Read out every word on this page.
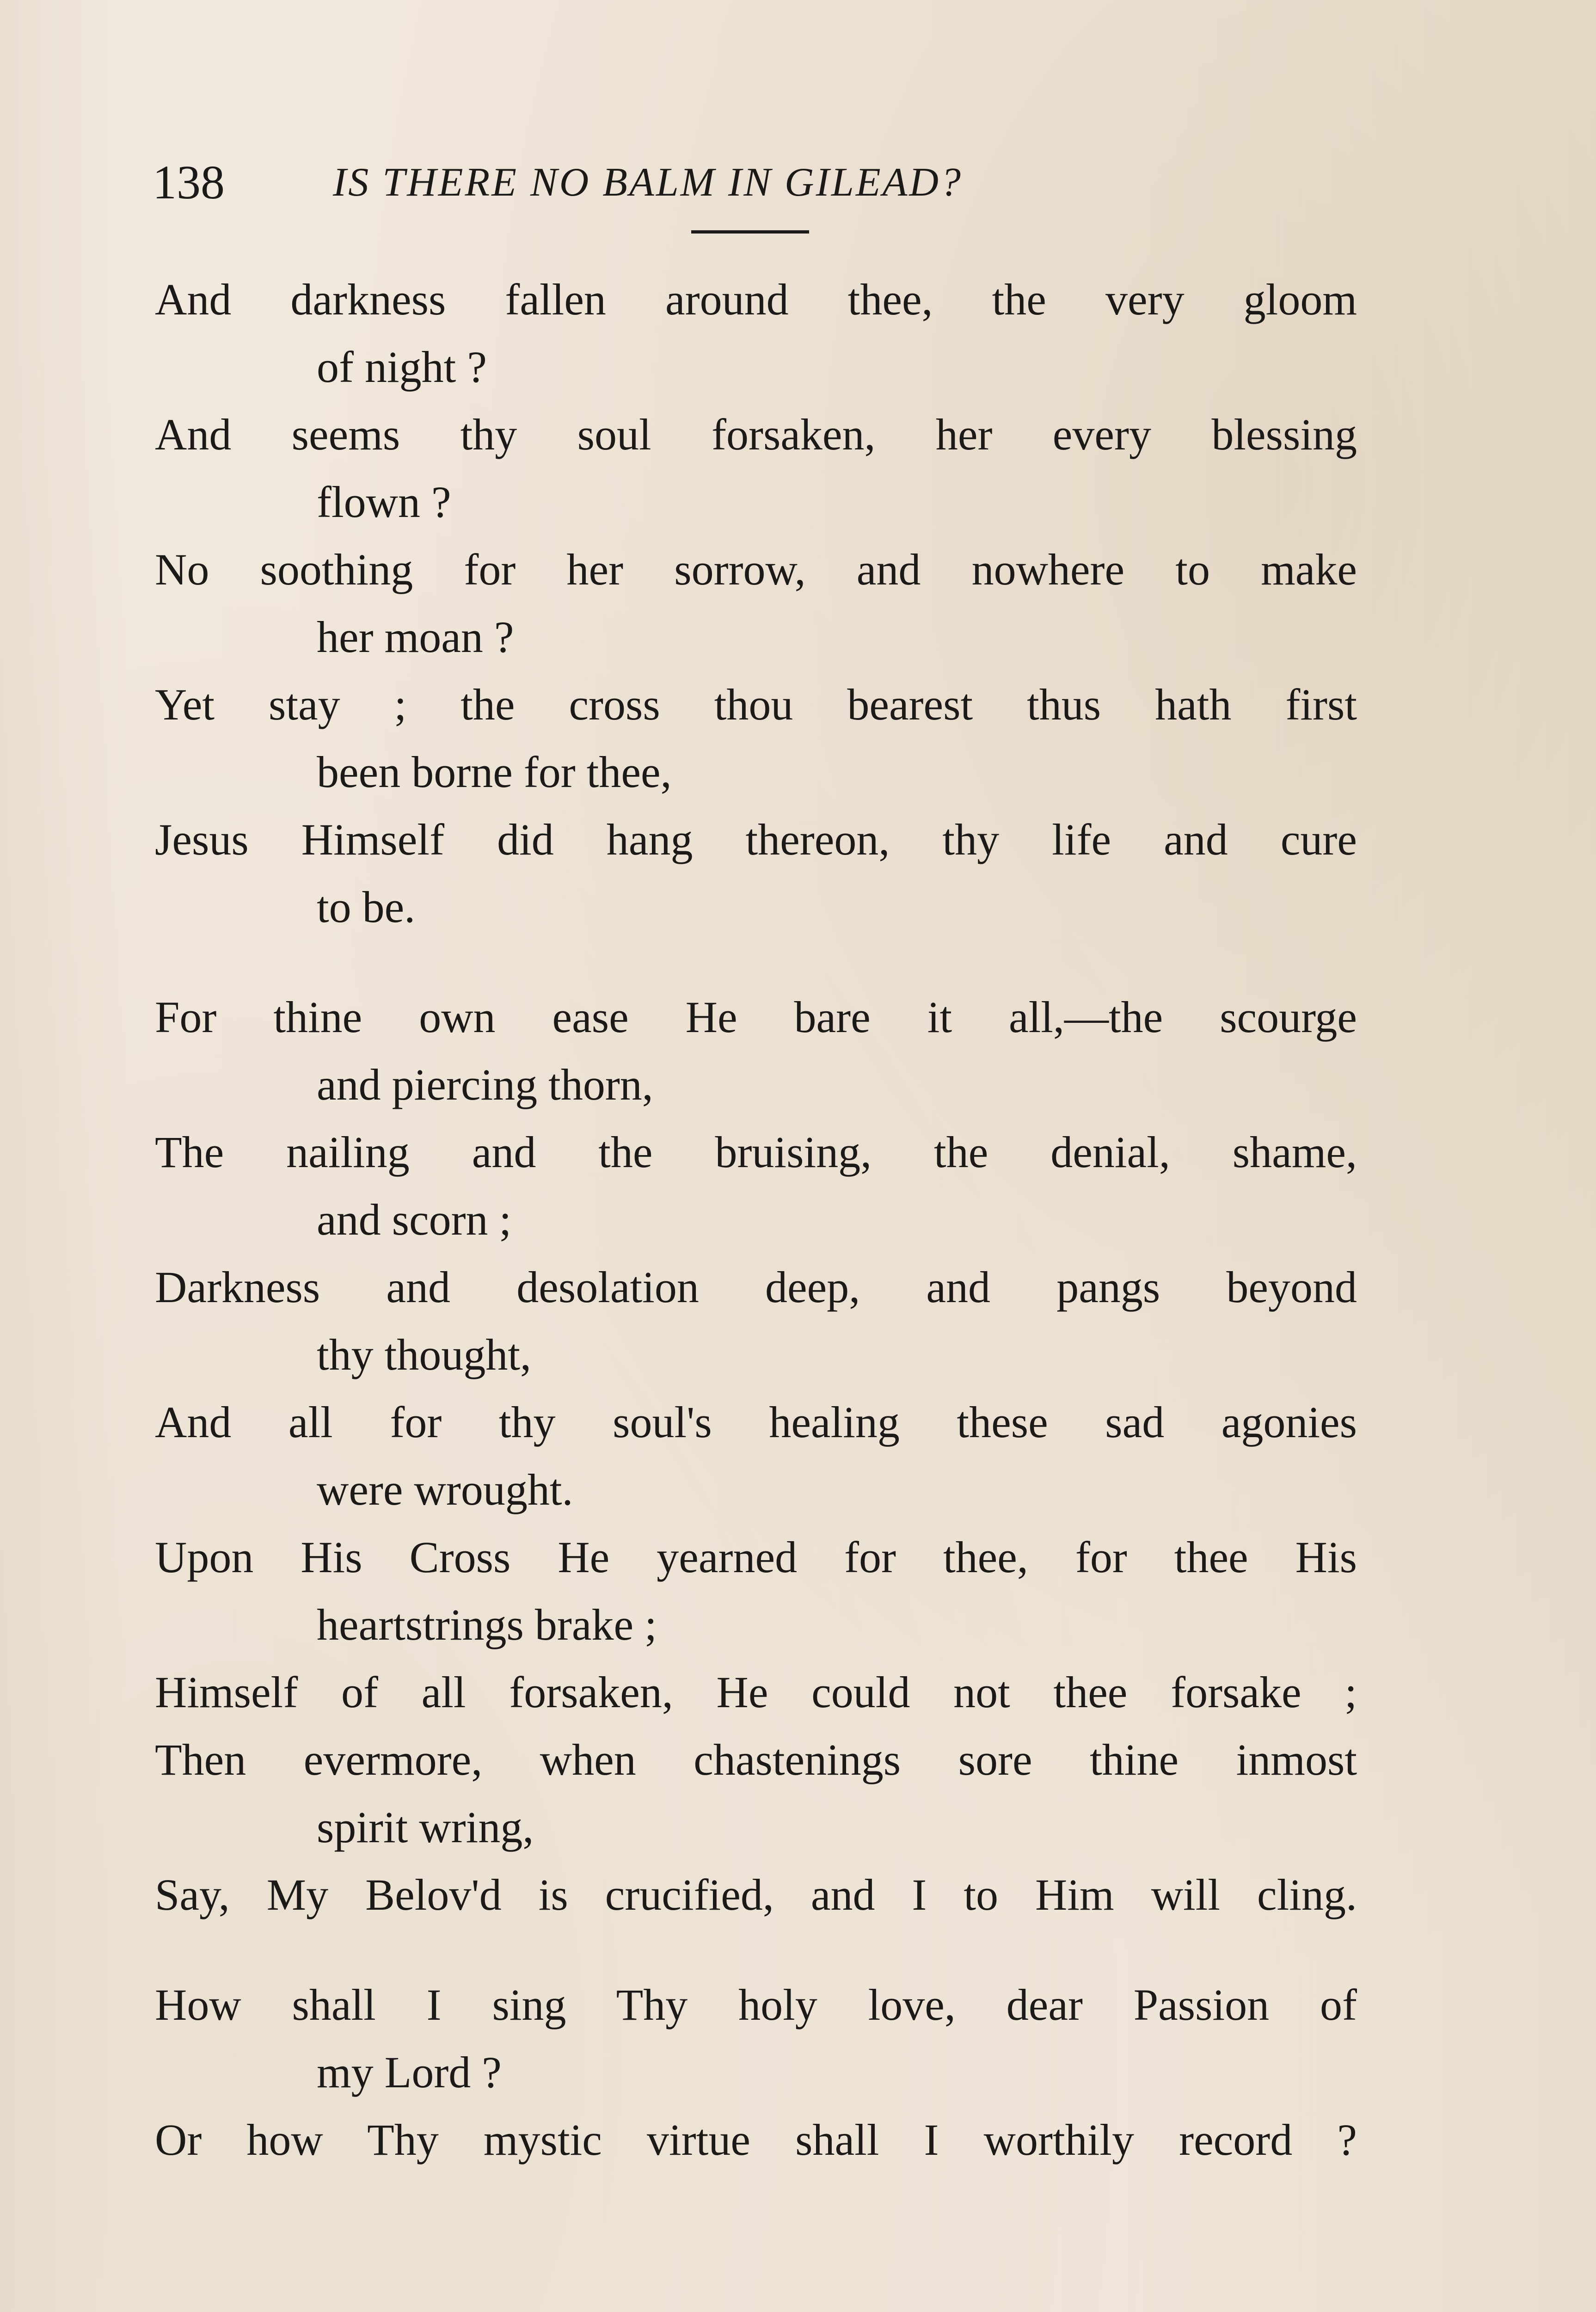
138	IS THERE NO BALM IN GILEAD?
And darkness fallen around thee, the very gloom
of night ?
And seems thy soul forsaken, her every blessing
flown ?
No soothing for her sorrow, and nowhere to make
her moan ?
Yet stay ; the cross thou bearest thus hath first
been borne for thee,
Jesus Himself did hang thereon, thy life and cure
to be.
For thine own ease He bare it all,—the scourge
and piercing thorn,
The nailing and the bruising, the denial, shame,
and scorn ;
Darkness and desolation deep, and pangs beyond
thy thought,
And all for thy soul's healing these sad agonies
were wrought.
Upon His Cross He yearned for thee, for thee His
heartstrings brake ;
Himself of all forsaken, He could not thee forsake ;
Then evermore, when chastenings sore thine inmost
spirit wring,
Say, My Belov'd is crucified, and I to Him will cling.
How shall I sing Thy holy love, dear Passion of
my Lord ?
Or how Thy mystic virtue shall I worthily record ?
